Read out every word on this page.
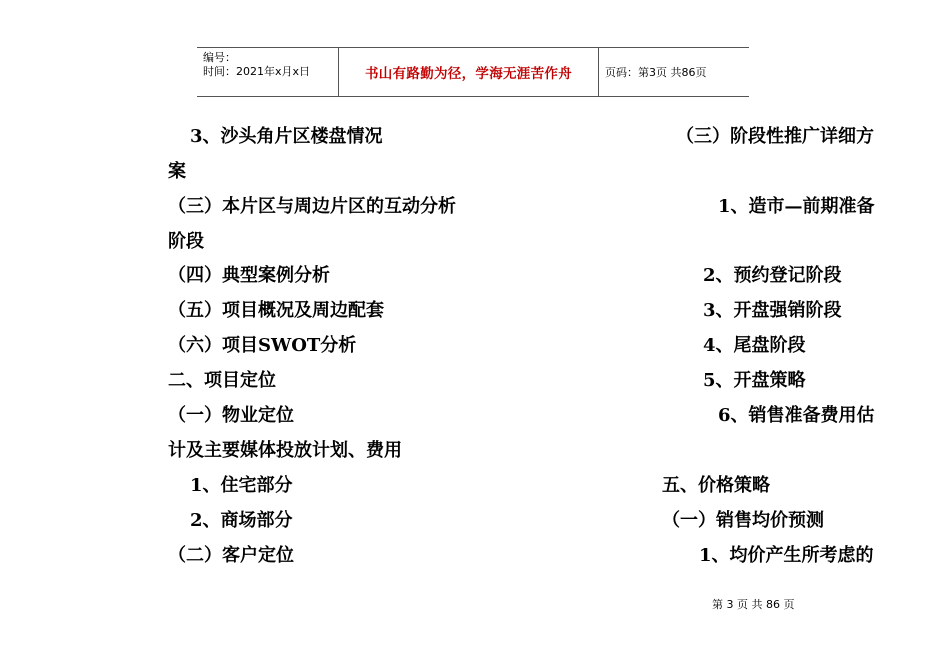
编号：
时间：2021年x月x日	书山有路勤为径，学海无涯苦作舟	页码：第3页 共86页
3、沙头角片区楼盘情况
案
（三）本片区与周边片区的互动分析
阶段
（四）典型案例分析
（五）项目概况及周边配套
（六）项目SWOT分析
二、项目定位
（一）物业定位
计及主要媒体投放计划、费用
1、住宅部分
2、商场部分
（二）客户定位
（三）阶段性推广详细方
1、造市—前期准备
2、预约登记阶段
3、开盘强销阶段
4、尾盘阶段
5、开盘策略
6、销售准备费用估
五、价格策略
（一）销售均价预测
1、均价产生所考虑的
第 3 页 共 86 页
